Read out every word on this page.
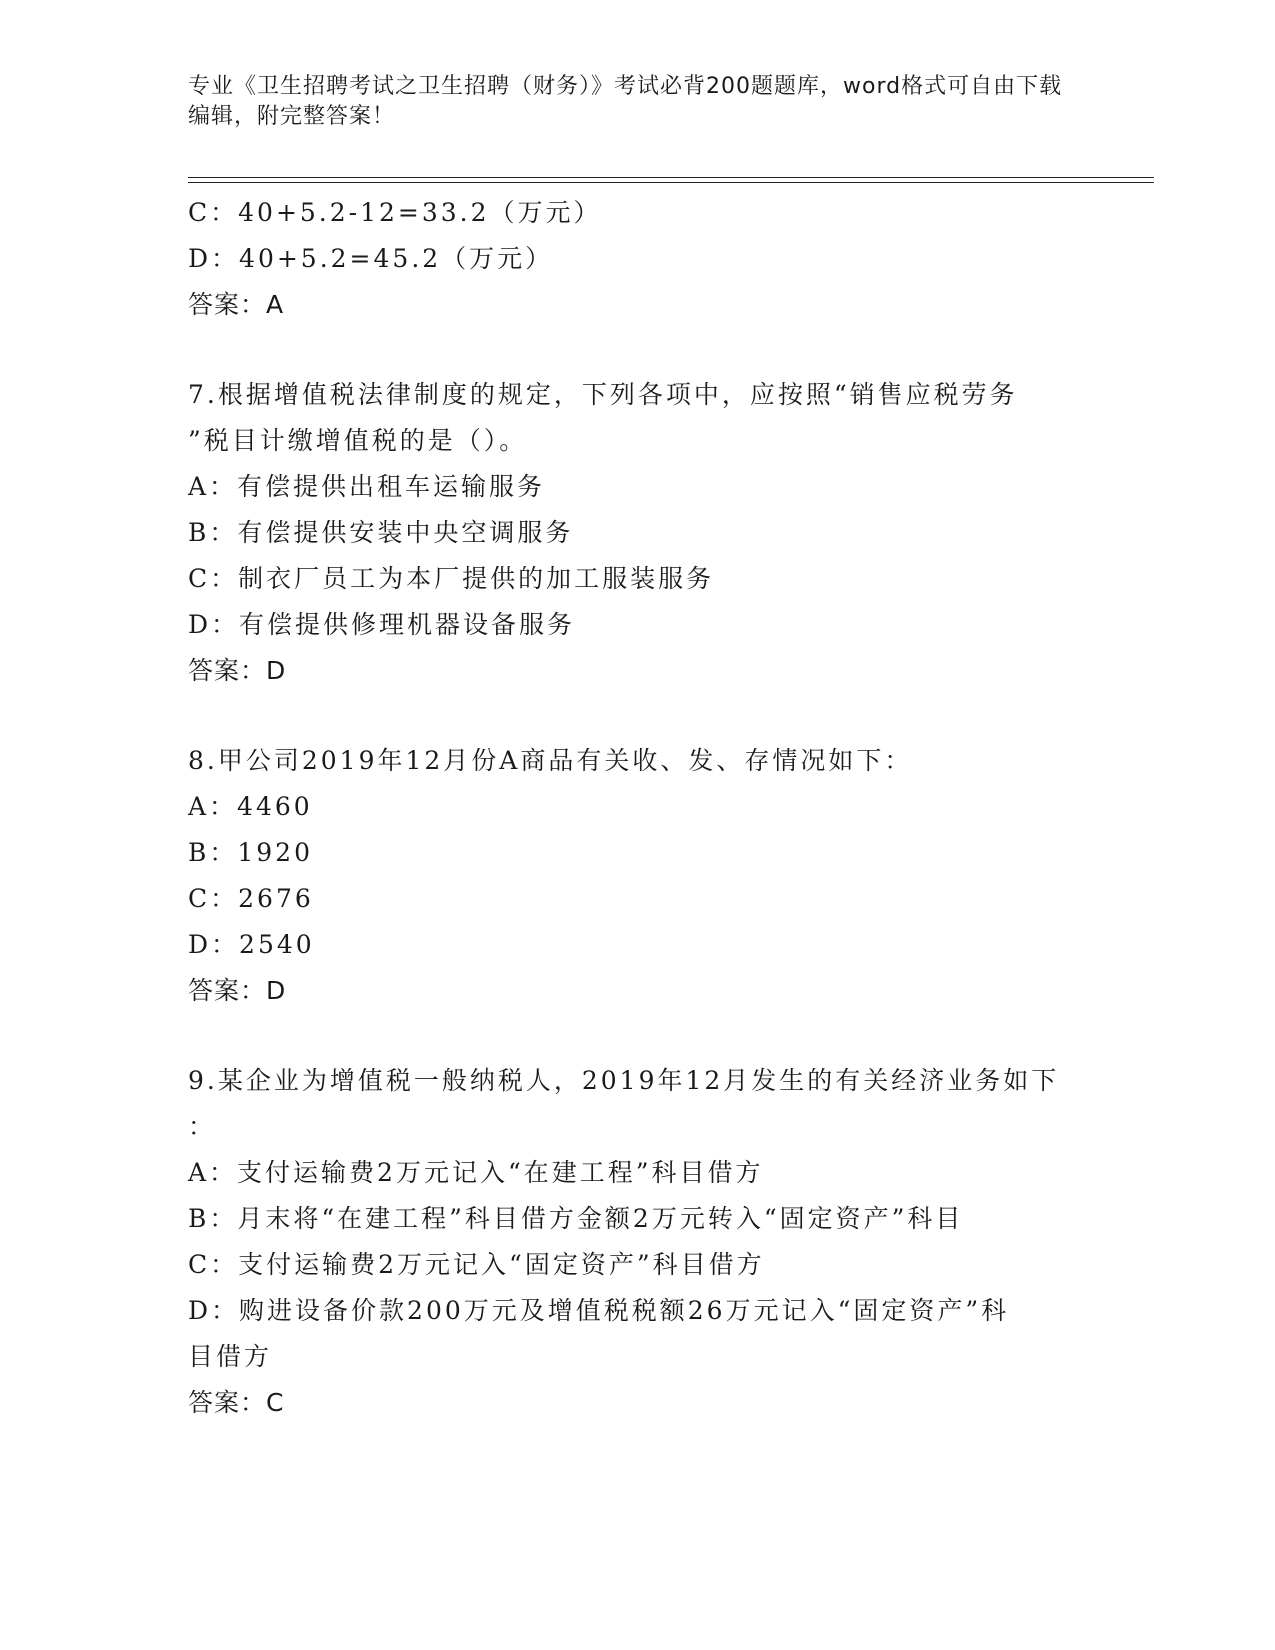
专业《卫生招聘考试之卫生招聘（财务）》考试必背200题题库，word格式可自由下载编辑，附完整答案！
C：40+5.2-12=33.2（万元）
D：40+5.2=45.2（万元）
答案：A
7.根据增值税法律制度的规定，下列各项中，应按照“销售应税劳务
”税目计缴增值税的是（）。
A：有偿提供出租车运输服务
B：有偿提供安装中央空调服务
C：制衣厂员工为本厂提供的加工服装服务
D：有偿提供修理机器设备服务
答案：D
8.甲公司2019年12月份A商品有关收、发、存情况如下：
A：4460
B：1920
C：2676
D：2540
答案：D
9.某企业为增值税一般纳税人，2019年12月发生的有关经济业务如下
：
A：支付运输费2万元记入“在建工程”科目借方
B：月末将“在建工程”科目借方金额2万元转入“固定资产”科目
C：支付运输费2万元记入“固定资产”科目借方
D：购进设备价款200万元及增值税税额26万元记入“固定资产”科
目借方
答案：C
